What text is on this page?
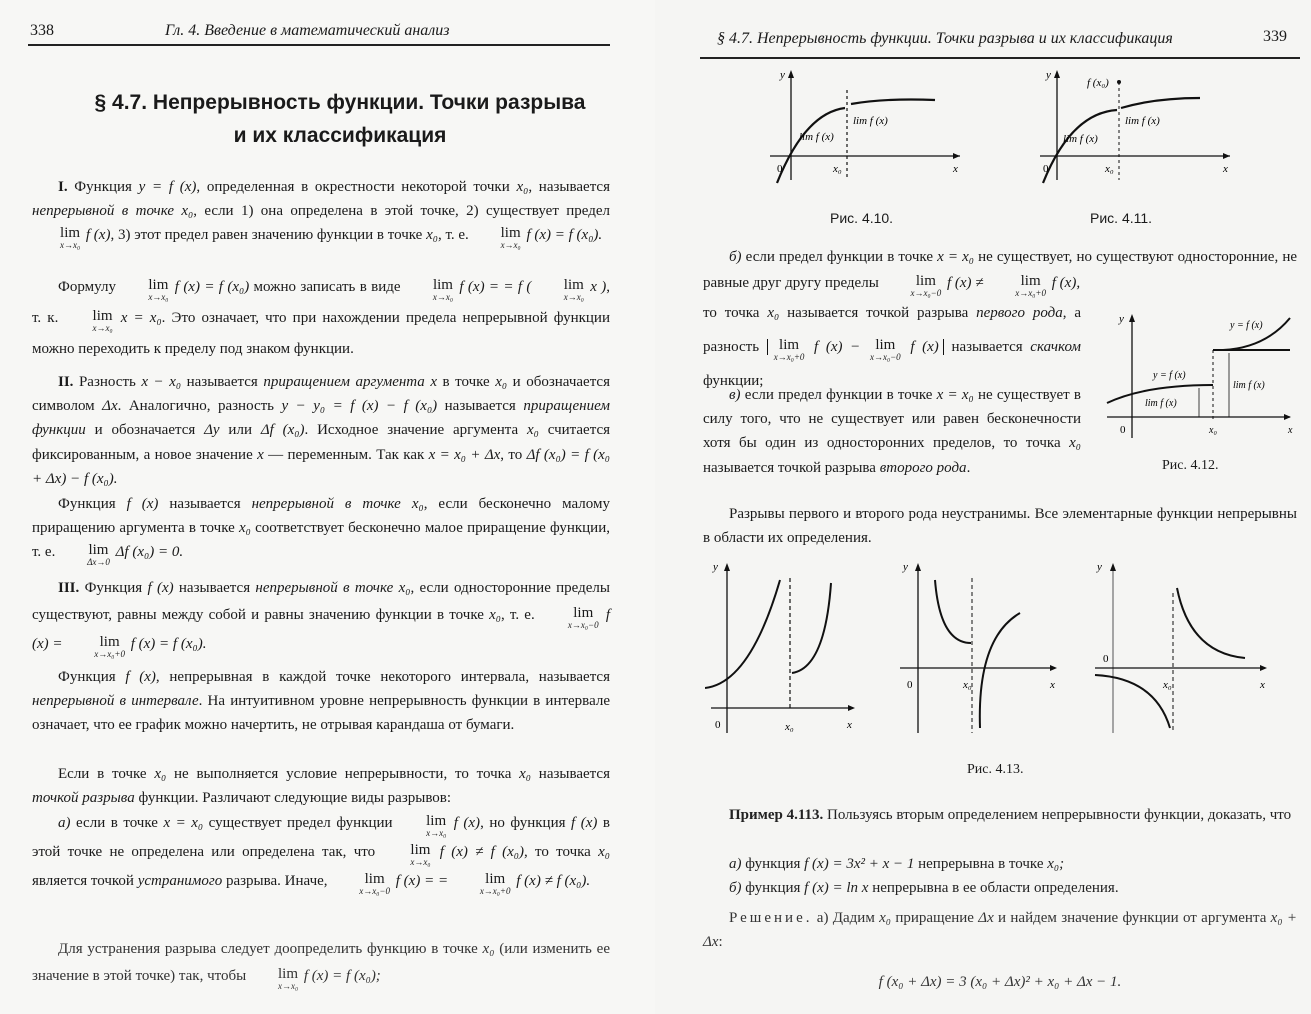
338	Гл. 4. Введение в математический анализ
§ 4.7. Непрерывность функции. Точки разрыва
и их классификация
I. Функция y = f (x), определенная в окрестности некоторой точки x₀, называется непрерывной в точке x₀, если 1) она определена в этой точке, 2) существует предел
lim
x→x₀
f (x), 3) этот предел равен значению функции в точке x₀, т. е.	lim
x→x₀
f (x) = f (x₀).
Формулу	lim
x→x₀
f (x) = f (x₀) можно записать в виде	lim
x→x₀
f (x) = = f (	lim
x→x₀
x ), т. к.	lim
x→x₀
x = x₀. Это означает, что при нахождении предела непрерывной функции можно переходить к пределу под знаком функции.
II. Разность x − x₀ называется приращением аргумента x в точке x₀ и обозначается символом Δx. Аналогично, разность y − y₀ = f (x) − f (x₀) называется приращением функции и обозначается Δy или Δf (x₀). Исходное значение аргумента x₀ считается фиксированным, а новое значение x — переменным. Так как x = x₀ + Δx, то Δf (x₀) = f (x₀ + Δx) − f (x₀).
Функция f (x) называется непрерывной в точке x₀, если бесконечно малому приращению аргумента в точке x₀ соответствует бесконечно малое приращение функции, т. е.	lim
Δx→0
Δf (x₀) = 0.
III. Функция f (x) называется непрерывной в точке x₀, если односторонние пределы существуют, равны между собой и равны значению функции в точке x₀, т. е.	lim
x→x₀−0
f (x) =	lim
x→x₀+0
f (x) = f (x₀).
Функция f (x), непрерывная в каждой точке некоторого интервала, называется непрерывной в интервале. На интуитивном уровне непрерывность функции в интервале означает, что ее график можно начертить, не отрывая карандаша от бумаги.
Если в точке x₀ не выполняется условие непрерывности, то точка x₀ называется точкой разрыва функции. Различают следующие виды разрывов:
а) если в точке x = x₀ существует предел функции	lim
x→x₀
f (x), но функция f (x) в этой точке не определена или определена так, что	lim
x→x₀
f (x) ≠ f (x₀), то точка x₀ является точкой устранимого разрыва. Иначе,	lim
x→x₀−0
f (x) = =	lim
x→x₀+0
f (x) ≠ f (x₀).
Для устранения разрыва следует доопределить функцию в точке x₀ (или изменить ее значение в этой точке) так, чтобы	lim
x→x₀
f (x) = f (x₀);
§ 4.7. Непрерывность функции. Точки разрыва и их классификация	339
y
x
0	x₀
lim f (x)
lim f (x)
Рис. 4.10.
y
x
0	x₀
f (x₀)
lim f (x)
lim f (x)
Рис. 4.11.
б) если предел функции в точке x = x₀ не существует, но существуют односторонние, не равные друг другу пределы	lim
x→x₀−0
f (x) ≠	lim
x→x₀+0
f (x),
то точка x₀ называется точкой разрыва первого рода, а разность lim
x→x₀+0
f (x) − lim
x→x₀−0
f (x) называется скачком функции;
в) если предел функции в точке x = x₀ не существует в силу того, что не существует или равен бесконечности хотя бы один из односторонних пределов, то точка x₀ называется точкой разрыва второго рода.
y
x
0	x₀
y = f (x)
y = f (x)
lim f (x)
lim f (x)
Рис. 4.12.
Разрывы первого и второго рода неустранимы. Все элементарные функции непрерывны в области их определения.
y
x
0	x₀
y
x
0	x₀
y
x
0
x₀
Рис. 4.13.
Пример 4.113. Пользуясь вторым определением непрерывности функции, доказать, что
а) функция f (x) = 3x² + x − 1 непрерывна в точке x₀;
б) функция f (x) = ln x непрерывна в ее области определения.
Решение. а) Дадим x₀ приращение Δx и найдем значение функции от аргумента x₀ + Δx:
f (x₀ + Δx) = 3 (x₀ + Δx)² + x₀ + Δx − 1.
